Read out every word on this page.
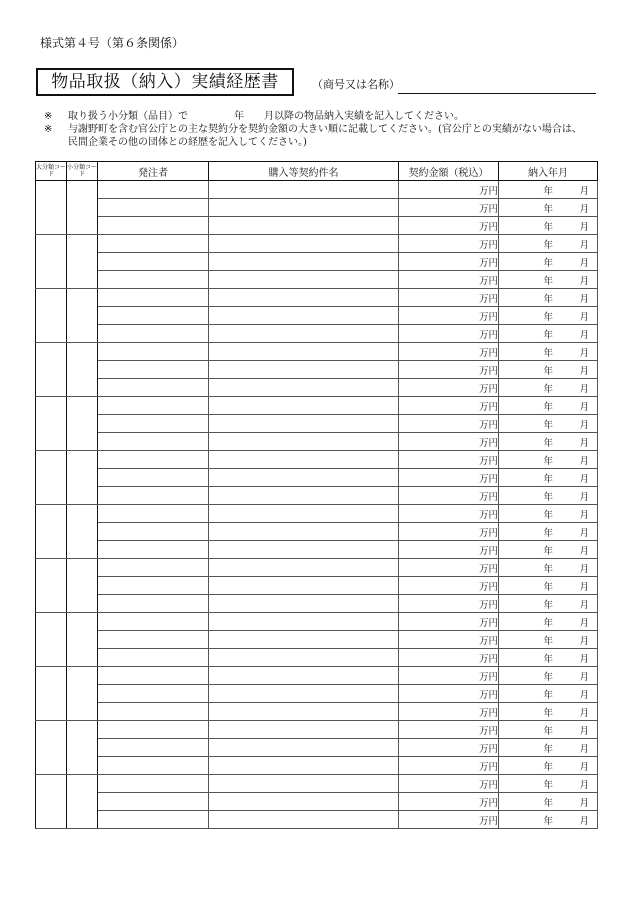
様式第４号（第６条関係）
物品取扱（納入）実績経歴書	（商号又は名称）
※ 取り扱う小分類（品目）で	年 月以降の物品納入実績を記入してください。
※ 与謝野町を含む官公庁との主な契約分を契約金額の大きい順に記載してください。(官公庁との実績がない場合は、
民間企業その他の団体との経歴を記入してください。)
大分類コード	小分類コード	発注者	購入等契約件名	契約金額（税込）	納入年月
				万円	年 月
				万円	年 月
				万円	年 月
				万円	年 月
				万円	年 月
				万円	年 月
				万円	年 月
				万円	年 月
				万円	年 月
				万円	年 月
				万円	年 月
				万円	年 月
				万円	年 月
				万円	年 月
				万円	年 月
				万円	年 月
				万円	年 月
				万円	年 月
				万円	年 月
				万円	年 月
				万円	年 月
				万円	年 月
				万円	年 月
				万円	年 月
				万円	年 月
				万円	年 月
				万円	年 月
				万円	年 月
				万円	年 月
				万円	年 月
				万円	年 月
				万円	年 月
				万円	年 月
				万円	年 月
				万円	年 月
				万円	年 月
